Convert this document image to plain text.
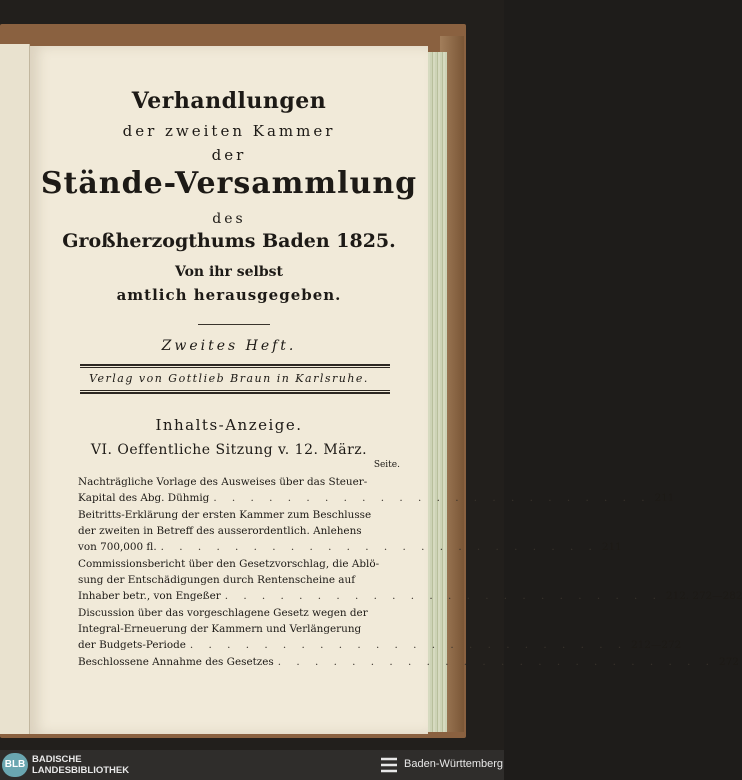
Verhandlungen
der zweiten Kammer
der
Stände-Versammlung
des
Großherzogthums Baden 1825.
Von ihr selbst
amtlich herausgegeben.
Zweites Heft.
Verlag von Gottlieb Braun in Karlsruhe.
Inhalts-Anzeige.
VI. Oeffentliche Sitzung v. 12. März.
Seite.
Nachträgliche Vorlage des Ausweises über das Steuer-
Kapital des Abg. Dühmig . . . . . . . . . . . . . . . . . . . . . . . . 211
Beitritts-Erklärung der ersten Kammer zum Beschlusse
der zweiten in Betreff des ausserordentlich. Anlehens
von 700,000 fl. . . . . . . . . . . . . . . . . . . . . . . . . 211
Commissionsbericht über den Gesetzvorschlag, die Ablö-
sung der Entschädigungen durch Rentenscheine auf
Inhaber betr., von Engeßer . . . . . . . . . . . . . . . . . . . . . . . . 212. 272—282
Discussion über das vorgeschlagene Gesetz wegen der
Integral-Erneuerung der Kammern und Verlängerung
der Budgets-Periode . . . . . . . . . . . . . . . . . . . . . . . . 212—272
Beschlossene Annahme des Gesetzes . . . . . . . . . . . . . . . . . . . . . . . . 272
BLB BADISCHE
LANDESBIBLIOTHEK
Baden-Württemberg
